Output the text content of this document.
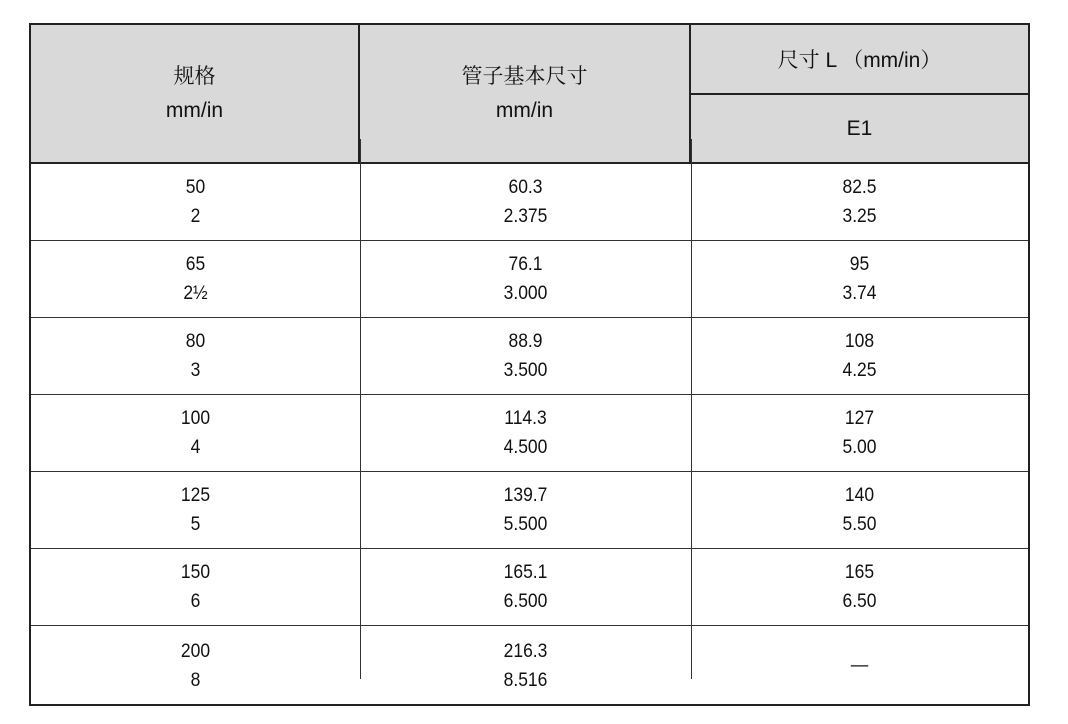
规格
mm/in
管子基本尺寸
mm/in
尺寸 L （mm/in）
E1
50
2
60.3
2.375
82.5
3.25
65
2½
76.1
3.000
95
3.74
80
3
88.9
3.500
108
4.25
100
4
114.3
4.500
127
5.00
125
5
139.7
5.500
140
5.50
150
6
165.1
6.500
165
6.50
200
8
216.3
8.516
—
